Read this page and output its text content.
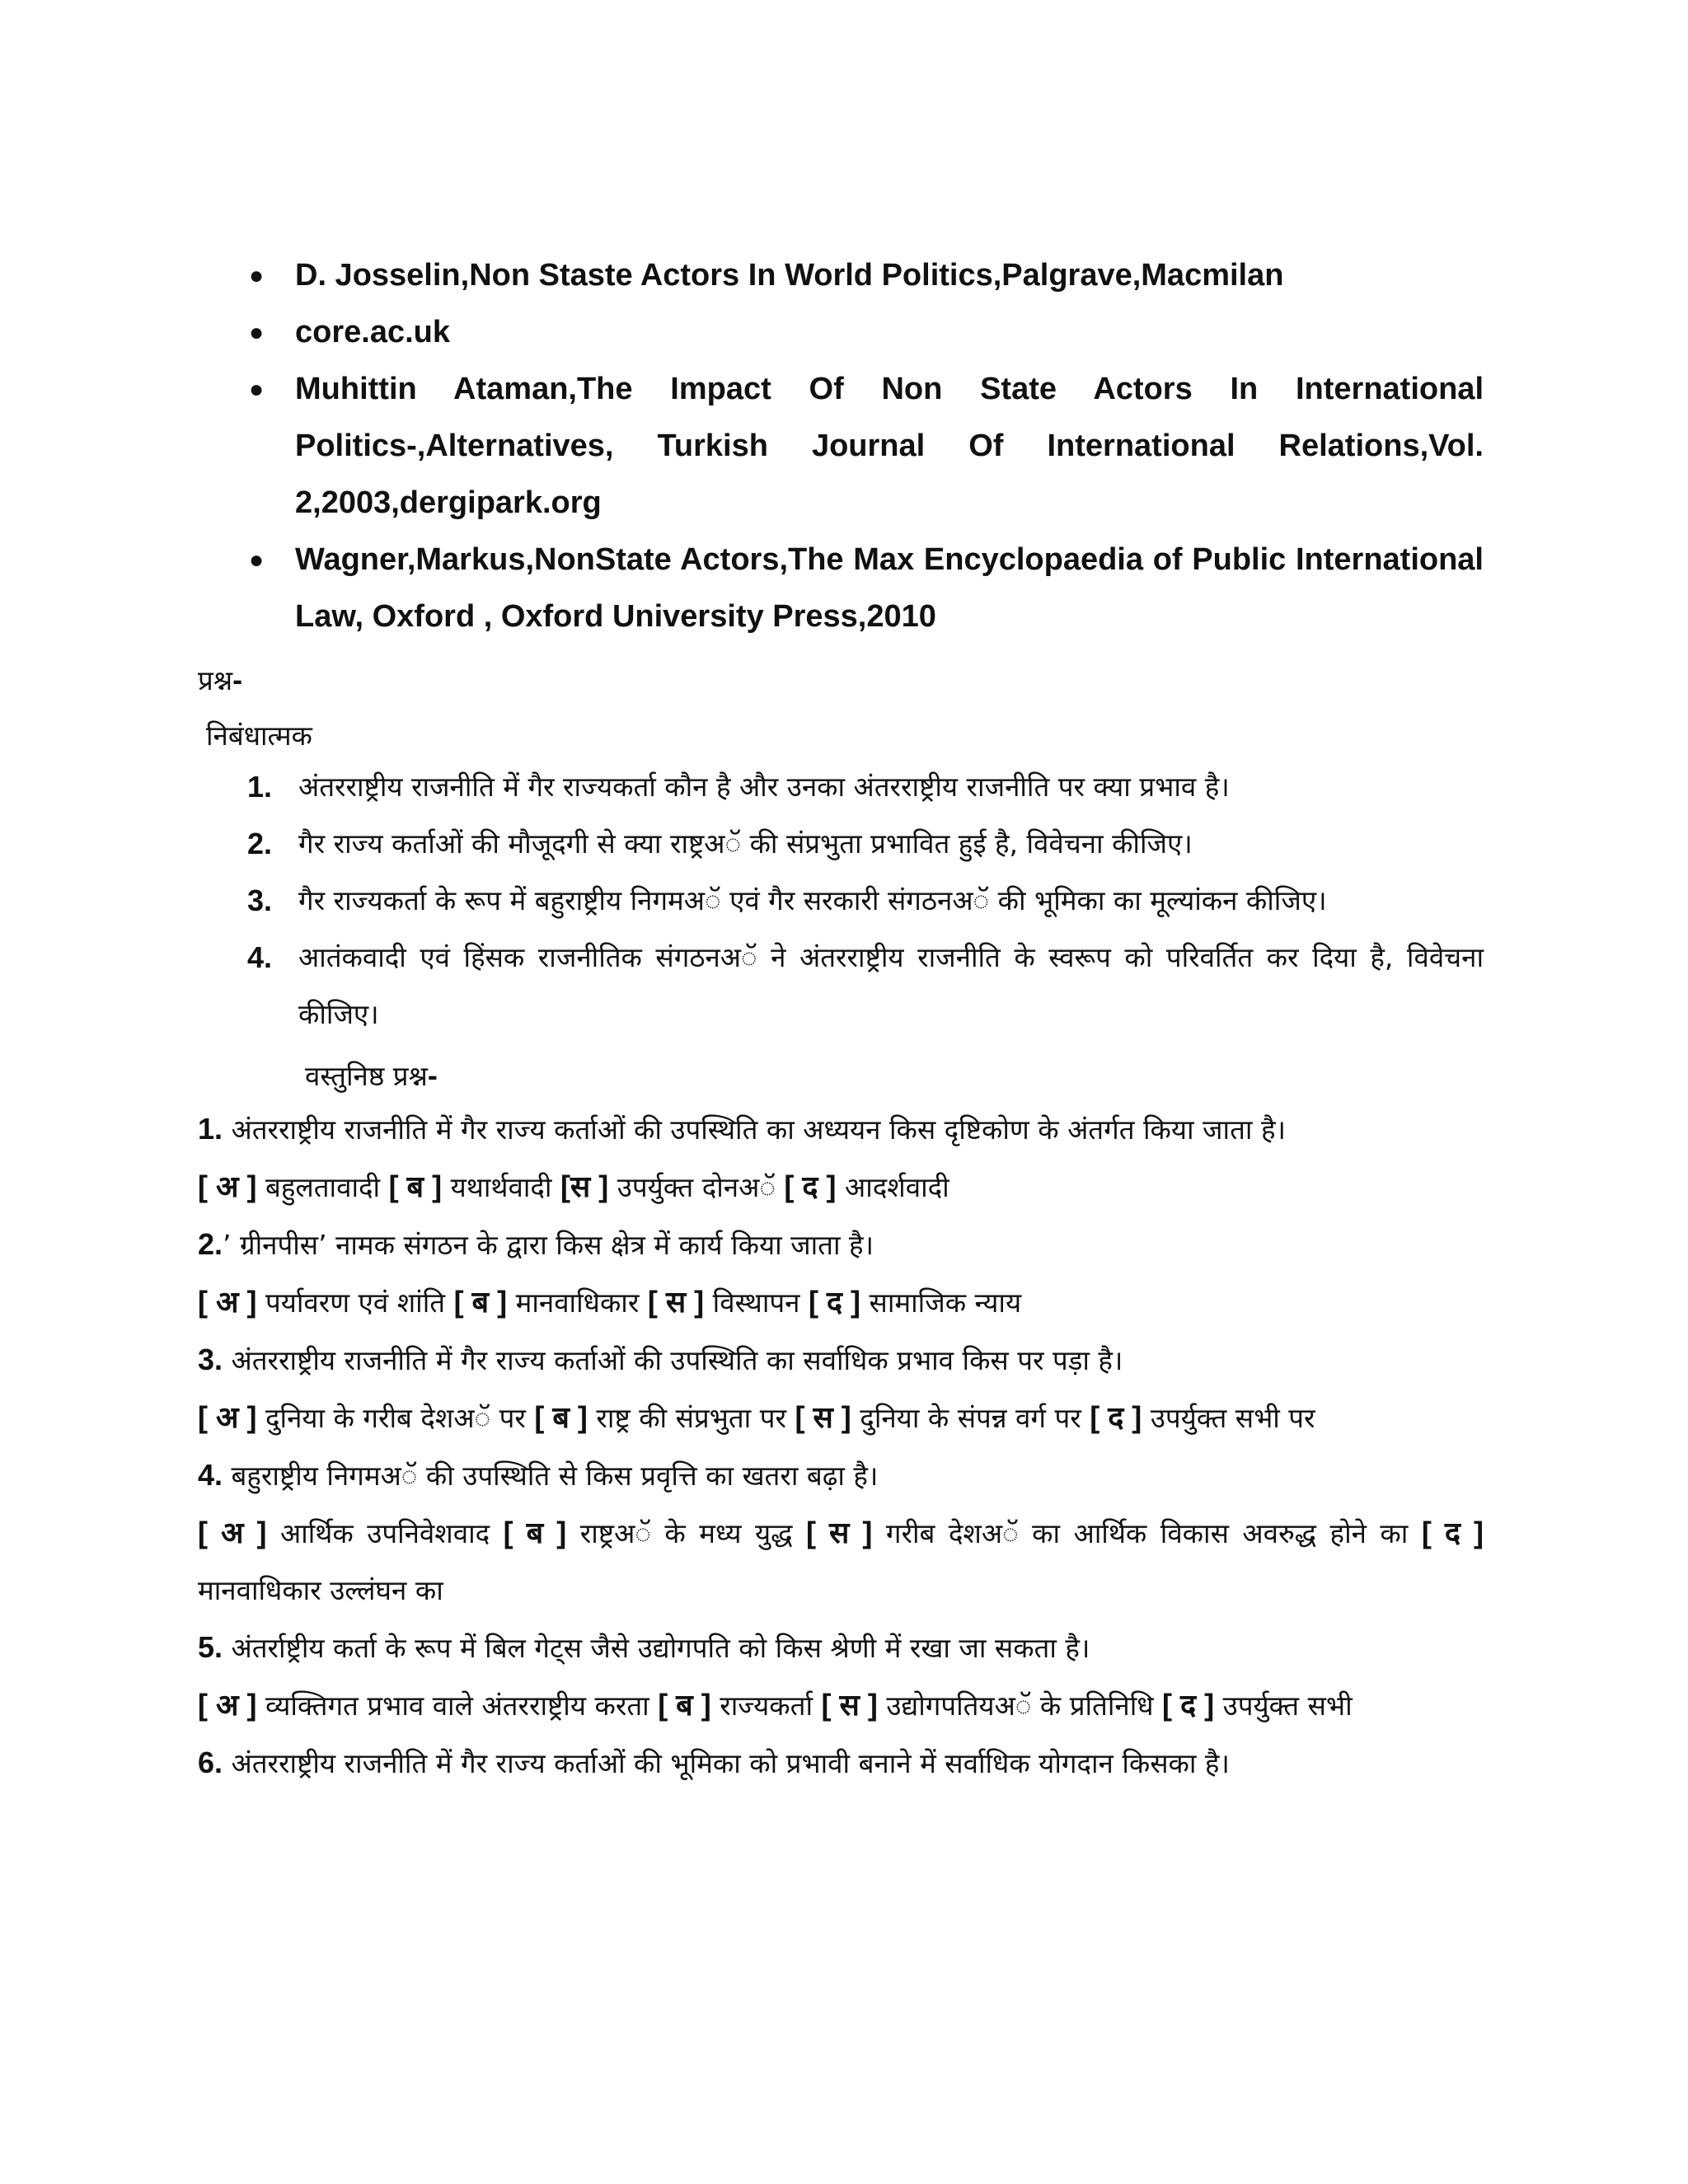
● D. Josselin,Non Staste Actors In World Politics,Palgrave,Macmilan
● core.ac.uk
● Muhittin Ataman,The Impact Of Non State Actors In International Politics-,Alternatives, Turkish Journal Of International Relations,Vol. 2,2003,dergipark.org
● Wagner,Markus,NonState Actors,The Max Encyclopaedia of Public International Law, Oxford , Oxford University Press,2010
प्रश्न-
निबंधात्मक
1. अंतरराष्ट्रीय राजनीति में गैर राज्यकर्ता कौन है और उनका अंतरराष्ट्रीय राजनीति पर क्या प्रभाव है।
2. गैर राज्य कर्ताओं की मौजूदगी से क्या राष्ट्रअॅ की संप्रभुता प्रभावित हुई है, विवेचना कीजिए।
3. गैर राज्यकर्ता के रूप में बहुराष्ट्रीय निगमअॅ एवं गैर सरकारी संगठनअॅ की भूमिका का मूल्यांकन कीजिए।
4. आतंकवादी एवं हिंसक राजनीतिक संगठनअॅ ने अंतरराष्ट्रीय राजनीति के स्वरूप को परिवर्तित कर दिया है, विवेचना कीजिए।
वस्तुनिष्ठ प्रश्न-

1. अंतरराष्ट्रीय राजनीति में गैर राज्य कर्ताओं की उपस्थिति का अध्ययन किस दृष्टिकोण के अंतर्गत किया जाता है।

[ अ ] बहुलतावादी [ ब ] यथार्थवादी [स ] उपर्युक्त दोनअॅ [ द ] आदर्शवादी

2.’ ग्रीनपीस’ नामक संगठन के द्वारा किस क्षेत्र में कार्य किया जाता है।

[ अ ] पर्यावरण एवं शांति [ ब ] मानवाधिकार [ स ] विस्थापन [ द ] सामाजिक न्याय

3. अंतरराष्ट्रीय राजनीति में गैर राज्य कर्ताओं की उपस्थिति का सर्वाधिक प्रभाव किस पर पड़ा है।

[ अ ] दुनिया के गरीब देशअॅ पर [ ब ] राष्ट्र की संप्रभुता पर [ स ] दुनिया के संपन्न वर्ग पर [ द ] उपर्युक्त सभी पर

4. बहुराष्ट्रीय निगमअॅ की उपस्थिति से किस प्रवृत्ति का खतरा बढ़ा है।

[ अ ] आर्थिक उपनिवेशवाद [ ब ] राष्ट्रअॅ के मध्य युद्ध [ स ] गरीब देशअॅ का आर्थिक विकास अवरुद्ध होने का [ द ] मानवाधिकार उल्लंघन का

5. अंतर्राष्ट्रीय कर्ता के रूप में बिल गेट्स जैसे उद्योगपति को किस श्रेणी में रखा जा सकता है।

[ अ ] व्यक्तिगत प्रभाव वाले अंतरराष्ट्रीय करता [ ब ] राज्यकर्ता [ स ] उद्योगपतियअॅ के प्रतिनिधि [ द ] उपर्युक्त सभी

6. अंतरराष्ट्रीय राजनीति में गैर राज्य कर्ताओं की भूमिका को प्रभावी बनाने में सर्वाधिक योगदान किसका है।
